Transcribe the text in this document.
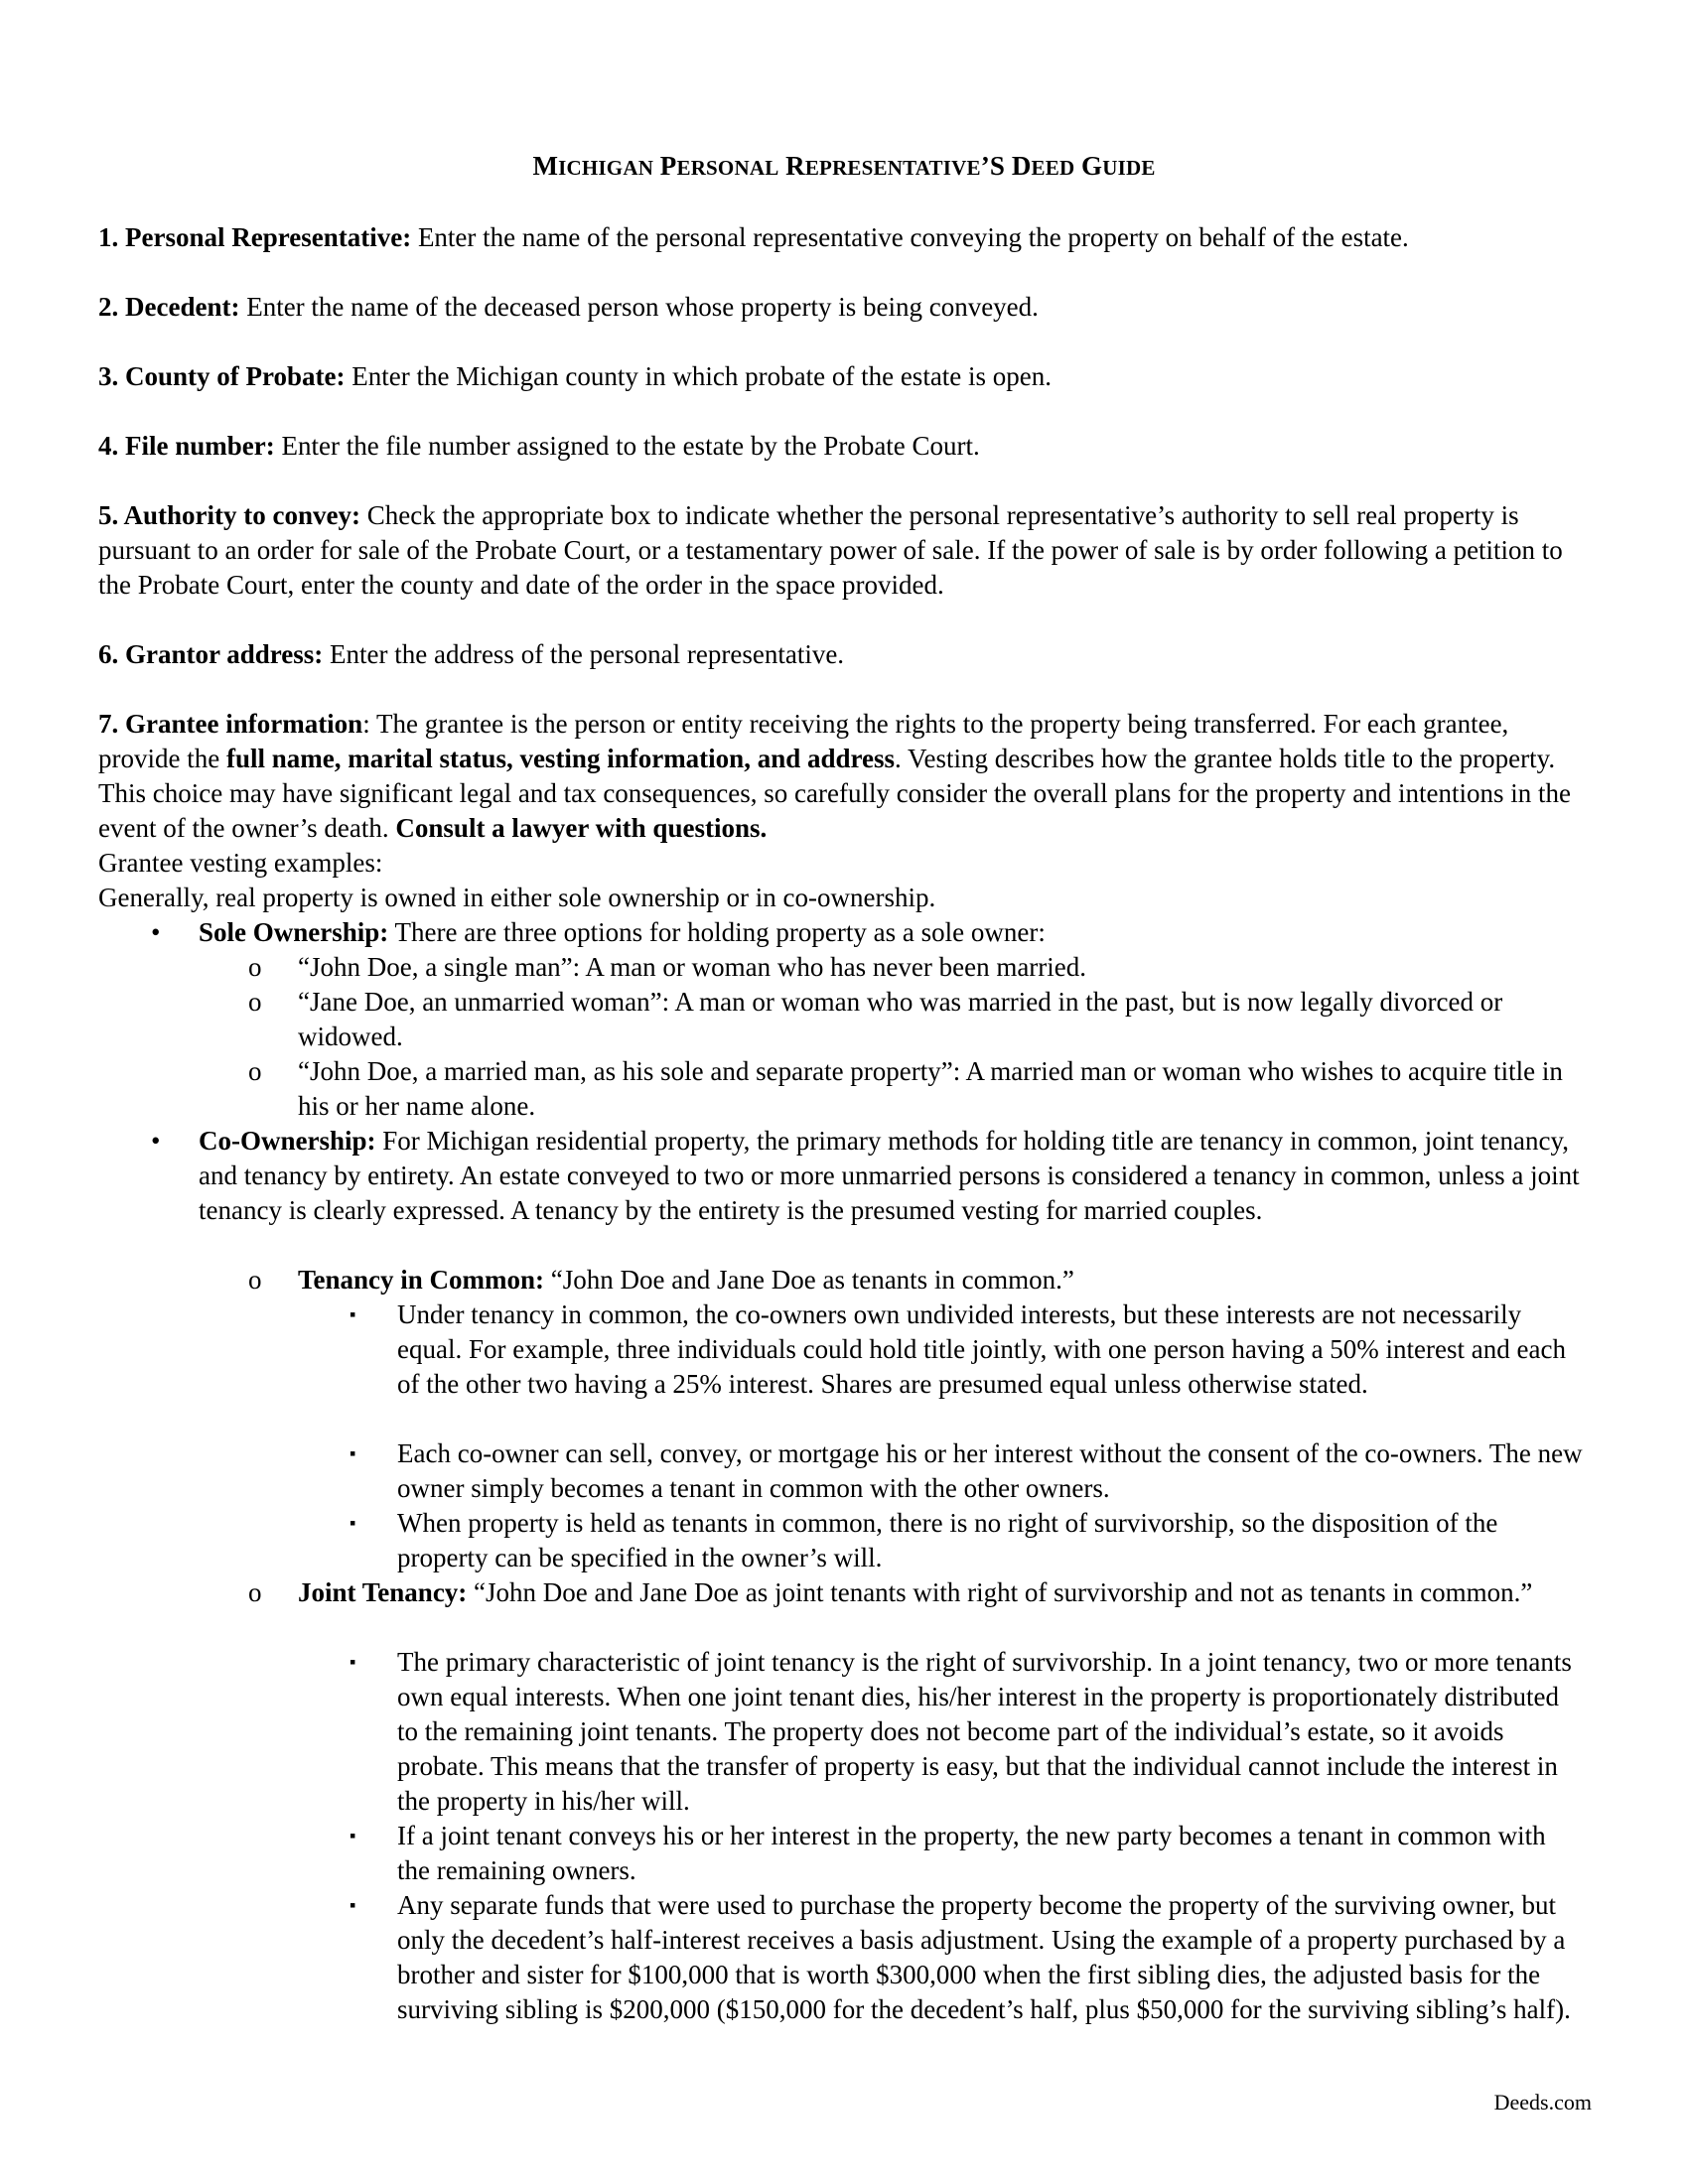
MICHIGAN PERSONAL REPRESENTATIVE’S DEED GUIDE

1. Personal Representative: Enter the name of the personal representative conveying the property on behalf of the estate.

2. Decedent: Enter the name of the deceased person whose property is being conveyed.

3. County of Probate: Enter the Michigan county in which probate of the estate is open.

4. File number: Enter the file number assigned to the estate by the Probate Court.

5. Authority to convey: Check the appropriate box to indicate whether the personal representative’s authority to sell real property is pursuant to an order for sale of the Probate Court, or a testamentary power of sale. If the power of sale is by order following a petition to the Probate Court, enter the county and date of the order in the space provided.

6. Grantor address: Enter the address of the personal representative.

7. Grantee information: The grantee is the person or entity receiving the rights to the property being transferred. For each grantee, provide the full name, marital status, vesting information, and address. Vesting describes how the grantee holds title to the property. This choice may have significant legal and tax consequences, so carefully consider the overall plans for the property and intentions in the event of the owner’s death. Consult a lawyer with questions.
Grantee vesting examples:
Generally, real property is owned in either sole ownership or in co-ownership.

• Sole Ownership: There are three options for holding property as a sole owner:

o “John Doe, a single man”: A man or woman who has never been married.

o “Jane Doe, an unmarried woman”: A man or woman who was married in the past, but is now legally divorced or widowed.

o “John Doe, a married man, as his sole and separate property”: A married man or woman who wishes to acquire title in his or her name alone.

• Co-Ownership: For Michigan residential property, the primary methods for holding title are tenancy in common, joint tenancy, and tenancy by entirety. An estate conveyed to two or more unmarried persons is considered a tenancy in common, unless a joint tenancy is clearly expressed. A tenancy by the entirety is the presumed vesting for married couples.

o Tenancy in Common: “John Doe and Jane Doe as tenants in common.”

▪ Under tenancy in common, the co-owners own undivided interests, but these interests are not necessarily equal. For example, three individuals could hold title jointly, with one person having a 50% interest and each of the other two having a 25% interest. Shares are presumed equal unless otherwise stated.

▪ Each co-owner can sell, convey, or mortgage his or her interest without the consent of the co-owners. The new owner simply becomes a tenant in common with the other owners.

▪ When property is held as tenants in common, there is no right of survivorship, so the disposition of the property can be specified in the owner’s will.

o Joint Tenancy: “John Doe and Jane Doe as joint tenants with right of survivorship and not as tenants in common.”

▪ The primary characteristic of joint tenancy is the right of survivorship. In a joint tenancy, two or more tenants own equal interests. When one joint tenant dies, his/her interest in the property is proportionately distributed to the remaining joint tenants. The property does not become part of the individual’s estate, so it avoids probate. This means that the transfer of property is easy, but that the individual cannot include the interest in the property in his/her will.

▪ If a joint tenant conveys his or her interest in the property, the new party becomes a tenant in common with the remaining owners.

▪ Any separate funds that were used to purchase the property become the property of the surviving owner, but only the decedent’s half-interest receives a basis adjustment. Using the example of a property purchased by a brother and sister for $100,000 that is worth $300,000 when the first sibling dies, the adjusted basis for the surviving sibling is $200,000 ($150,000 for the decedent’s half, plus $50,000 for the surviving sibling’s half).

Deeds.com
